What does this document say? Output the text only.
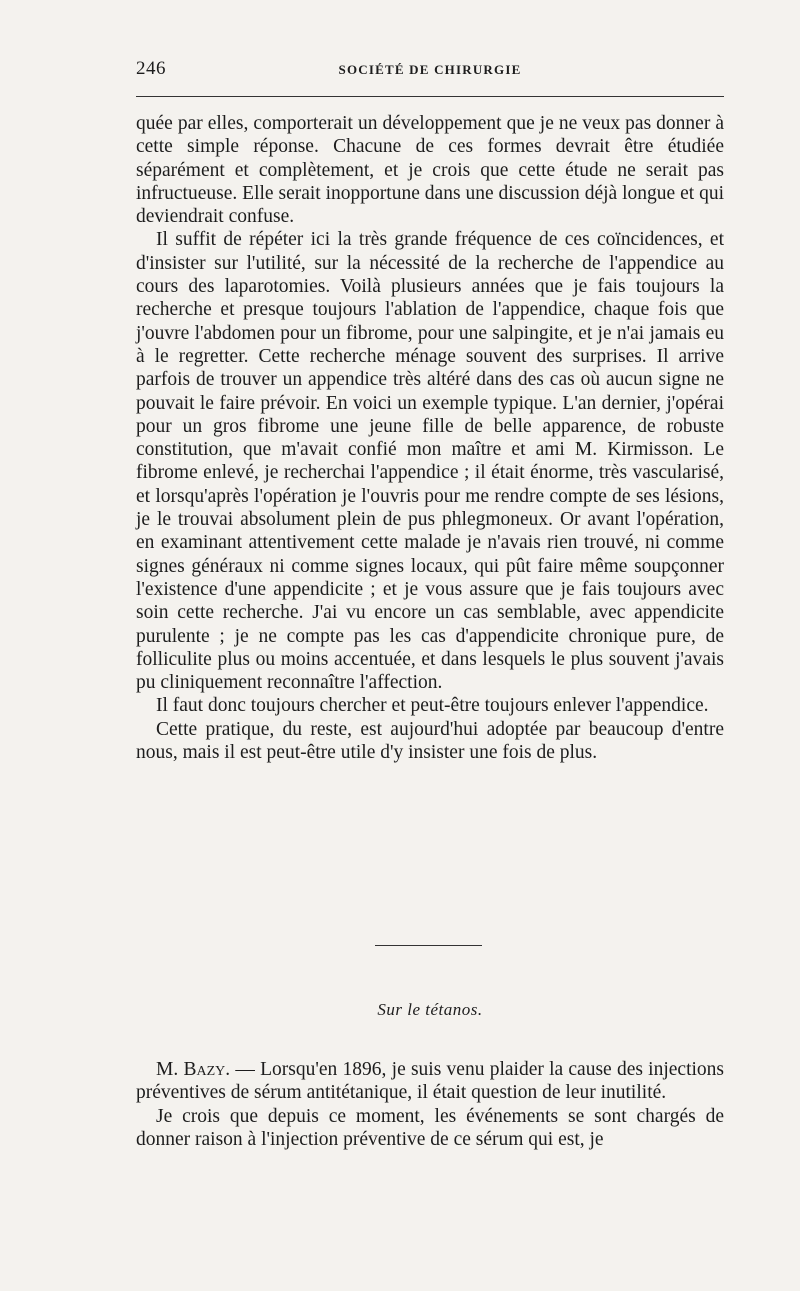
246	SOCIÉTÉ DE CHIRURGIE

quée par elles, comporterait un développement que je ne veux pas donner à cette simple réponse. Chacune de ces formes devrait être étudiée séparément et complètement, et je crois que cette étude ne serait pas infructueuse. Elle serait inopportune dans une discussion déjà longue et qui deviendrait confuse.

Il suffit de répéter ici la très grande fréquence de ces coïncidences, et d'insister sur l'utilité, sur la nécessité de la recherche de l'appendice au cours des laparotomies. Voilà plusieurs années que je fais toujours la recherche et presque toujours l'ablation de l'appendice, chaque fois que j'ouvre l'abdomen pour un fibrome, pour une salpingite, et je n'ai jamais eu à le regretter. Cette recherche ménage souvent des surprises. Il arrive parfois de trouver un appendice très altéré dans des cas où aucun signe ne pouvait le faire prévoir. En voici un exemple typique. L'an dernier, j'opérai pour un gros fibrome une jeune fille de belle apparence, de robuste constitution, que m'avait confié mon maître et ami M. Kirmisson. Le fibrome enlevé, je recherchai l'appendice ; il était énorme, très vascularisé, et lorsqu'après l'opération je l'ouvris pour me rendre compte de ses lésions, je le trouvai absolument plein de pus phlegmoneux. Or avant l'opération, en examinant attentivement cette malade je n'avais rien trouvé, ni comme signes généraux ni comme signes locaux, qui pût faire même soupçonner l'existence d'une appendicite ; et je vous assure que je fais toujours avec soin cette recherche. J'ai vu encore un cas semblable, avec appendicite purulente ; je ne compte pas les cas d'appendicite chronique pure, de folliculite plus ou moins accentuée, et dans lesquels le plus souvent j'avais pu cliniquement reconnaître l'affection.

Il faut donc toujours chercher et peut-être toujours enlever l'appendice.

Cette pratique, du reste, est aujourd'hui adoptée par beaucoup d'entre nous, mais il est peut-être utile d'y insister une fois de plus.

Sur le tétanos.

M. Bazy. — Lorsqu'en 1896, je suis venu plaider la cause des injections préventives de sérum antitétanique, il était question de leur inutilité.

Je crois que depuis ce moment, les événements se sont chargés de donner raison à l'injection préventive de ce sérum qui est, je
